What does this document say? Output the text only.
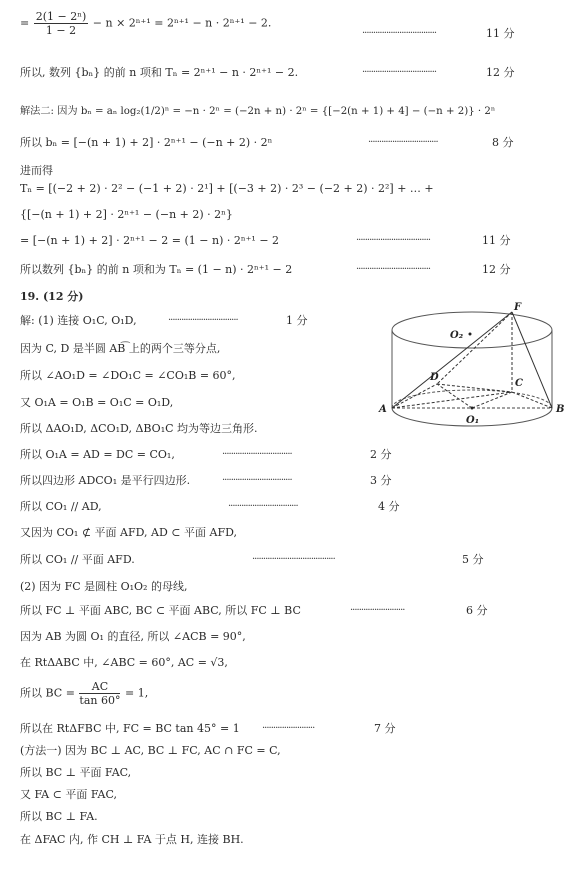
= $\frac{\text{2(1 − 2ⁿ)}}{1 - 2} - n \times 2^{n+1} = 2^{n+1} - n \cdot 2^{n+1} - 2$.
··································	11 分
所以, 数列 {bₙ} 的前 n 项和 Tₙ = 2ⁿ⁺¹ − n · 2ⁿ⁺¹ − 2.	··································	12 分
解法二: 因为 bₙ = aₙ log₂(1/2)ⁿ = −n · 2ⁿ = (−2n + n) · 2ⁿ = {[−2(n + 1) + 4] − (−n + 2)} · 2ⁿ
所以 bₙ = [−(n + 1) + 2] · 2ⁿ⁺¹ − (−n + 2) · 2ⁿ	································	8 分
进而得
Tₙ = [(−2 + 2) · 2² − (−1 + 2) · 2¹] + [(−3 + 2) · 2³ − (−2 + 2) · 2²] + … +
{[−(n + 1) + 2] · 2ⁿ⁺¹ − (−n + 2) · 2ⁿ}
= [−(n + 1) + 2] · 2ⁿ⁺¹ − 2 = (1 − n) · 2ⁿ⁺¹ − 2	··································	11 分
所以数列 {bₙ} 的前 n 项和为 Tₙ = (1 − n) · 2ⁿ⁺¹ − 2	··································	12 分
19. (12 分)
解: (1) 连接 O₁C, O₁D,	································	1 分
因为 C, D 是半圆 AB͡ 上的两个三等分点,
所以 ∠AO₁D = ∠DO₁C = ∠CO₁B = 60°,
又 O₁A = O₁B = O₁C = O₁D,
所以 ΔAO₁D, ΔCO₁D, ΔBO₁C 均为等边三角形.
所以 O₁A = AD = DC = CO₁,	································	2 分
所以四边形 ADCO₁ 是平行四边形.	································	3 分
所以 CO₁ // AD,	································	4 分
又因为 CO₁ ⊄ 平面 AFD, AD ⊂ 平面 AFD,
所以 CO₁ // 平面 AFD.	······································	5 分
(2) 因为 FC 是圆柱 O₁O₂ 的母线,
所以 FC ⊥ 平面 ABC, BC ⊂ 平面 ABC, 所以 FC ⊥ BC	·························	6 分
因为 AB 为圆 O₁ 的直径, 所以 ∠ACB = 90°,
在 RtΔABC 中, ∠ABC = 60°, AC = √3,
所以 BC = $\frac{AC}{\tan 60^\circ} = 1$,
所以在 RtΔFBC 中, FC = BC tan 45° = 1 ························	7 分
(方法一) 因为 BC ⊥ AC, BC ⊥ FC, AC ∩ FC = C,
所以 BC ⊥ 平面 FAC,
又 FA ⊂ 平面 FAC,
所以 BC ⊥ FA.
在 ΔFAC 内, 作 CH ⊥ FA 于点 H, 连接 BH.
F
O₂
D
C
A	B
O₁
